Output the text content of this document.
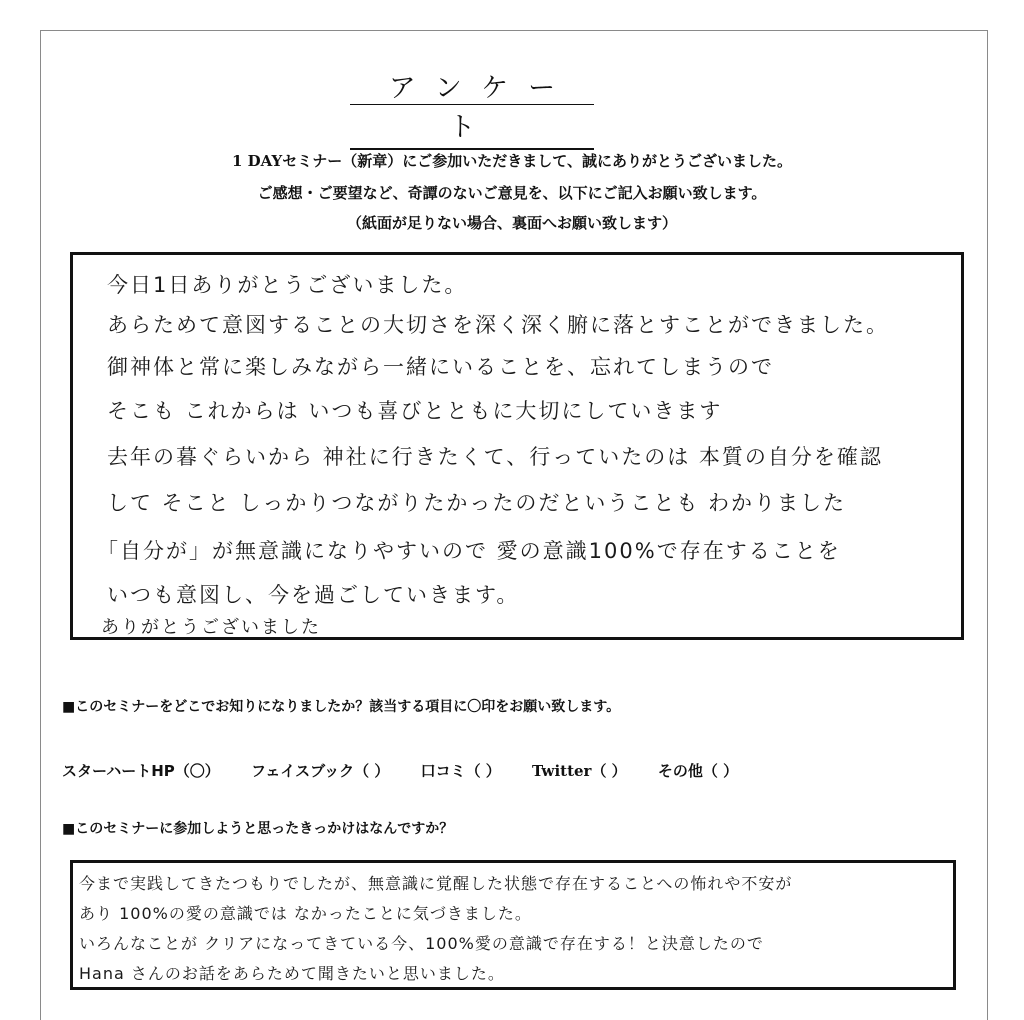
アンケート
1 DAYセミナー（新章）にご参加いただきまして、誠にありがとうございました。
ご感想・ご要望など、奇譚のないご意見を、以下にご記入お願い致します。
（紙面が足りない場合、裏面へお願い致します）
今日1日ありがとうございました。
あらためて意図することの大切さを深く深く腑に落とすことができました。
御神体と常に楽しみながら一緒にいることを、忘れてしまうので
そこも これからは いつも喜びとともに大切にしていきます
去年の暮ぐらいから 神社に行きたくて、行っていたのは 本質の自分を確認
して そこと しっかりつながりたかったのだということも わかりました
「自分が」が無意識になりやすいので 愛の意識100%で存在することを
いつも意図し、今を過ごしていきます。
ありがとうございました
■このセミナーをどこでお知りになりましたか？該当する項目に〇印をお願い致します。
スターハートHP（〇） フェイスブック（ ） 口コミ（ ） Twitter（ ） その他（ ）
■このセミナーに参加しようと思ったきっかけはなんですか？
今まで実践してきたつもりでしたが、無意識に覚醒した状態で存在することへの怖れや不安が
あり 100%の愛の意識では なかったことに気づきました。
いろんなことが クリアになってきている今、100%愛の意識で存在する！と決意したので
Hana さんのお話をあらためて聞きたいと思いました。
